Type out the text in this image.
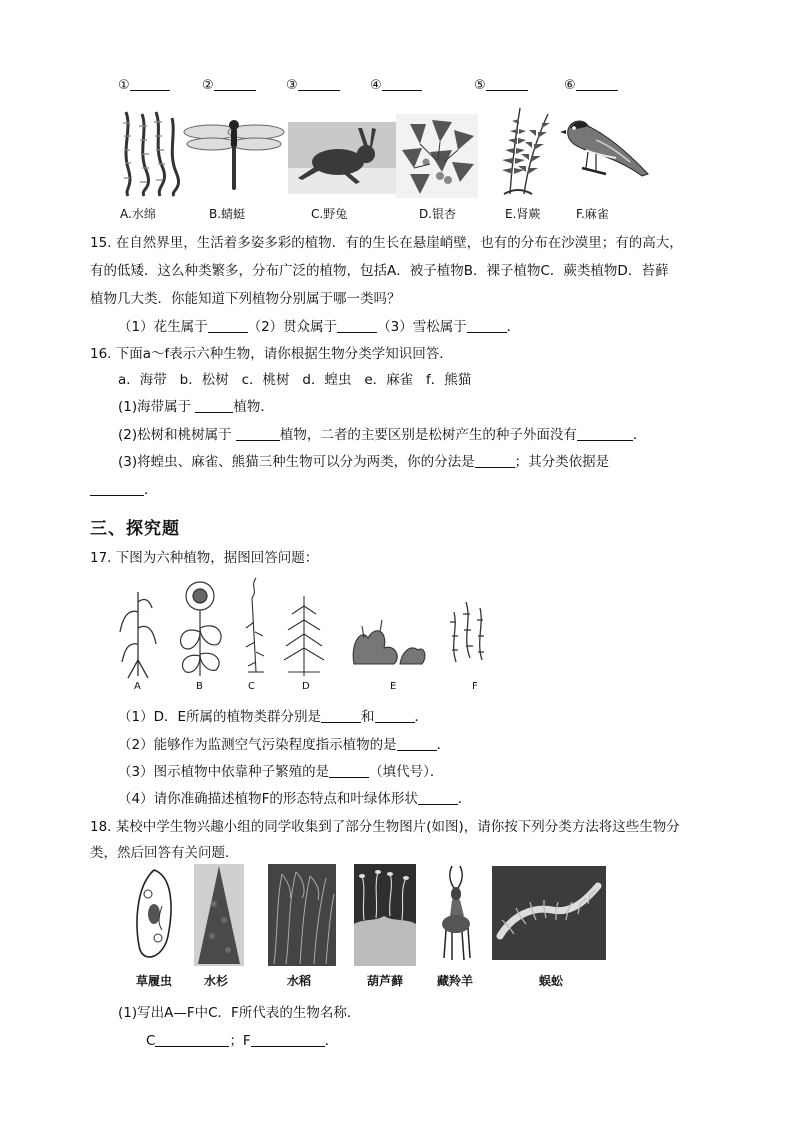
①	②	③	④	⑤	⑥
A.水绵	B.蜻蜓	C.野兔	D.银杏	E.肾蕨	F.麻雀
15. 在自然界里，生活着多姿多彩的植物．有的生长在悬崖峭壁，也有的分布在沙漠里；有的高大，
有的低矮．这么种类繁多，分布广泛的植物，包括A．被子植物B．裸子植物C．蕨类植物D．苔藓
植物几大类．你能知道下列植物分别属于哪一类吗？
（1）花生属于	（2）贯众属于	（3）雪松属于	．
16. 下面a～f表示六种生物，请你根据生物分类学知识回答．
a．海带   b．松树   c．桃树   d．蝗虫   e．麻雀   f．熊猫
(1)海带属于	植物．
(2)松树和桃树属于	植物，二者的主要区别是松树产生的种子外面没有	．
(3)将蝗虫、麻雀、熊猫三种生物可以分为两类，你的分法是	；其分类依据是
．
三、探究题
17. 下图为六种植物，据图回答问题：
A	B	C	D	E	F
（1）D．E所属的植物类群分别是	和	．
（2）能够作为监测空气污染程度指示植物的是	．
（3）图示植物中依靠种子繁殖的是	（填代号）．
（4）请你准确描述植物F的形态特点和叶绿体形状	．
18. 某校中学生物兴趣小组的同学收集到了部分生物图片(如图)，请你按下列分类方法将这些生物分
类，然后回答有关问题．
草履虫	水杉	水稻	葫芦藓	藏羚羊	蜈蚣
(1)写出A—F中C．F所代表的生物名称．
C	；F	．
